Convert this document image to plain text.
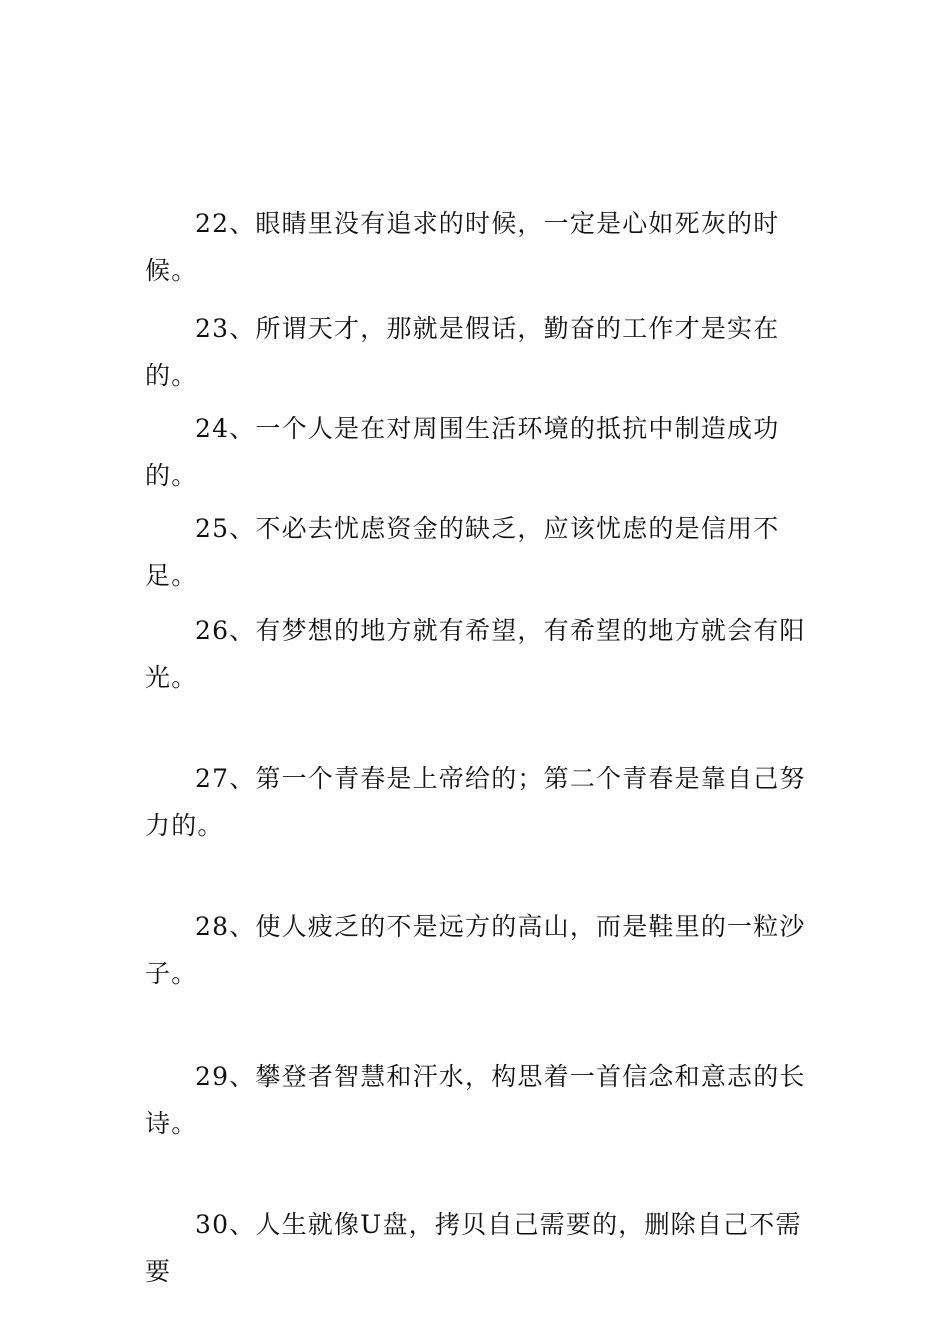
22、眼睛里没有追求的时候，一定是心如死灰的时候。

23、所谓天才，那就是假话，勤奋的工作才是实在的。

24、一个人是在对周围生活环境的抵抗中制造成功的。

25、不必去忧虑资金的缺乏，应该忧虑的是信用不足。

26、有梦想的地方就有希望，有希望的地方就会有阳光。

27、第一个青春是上帝给的；第二个青春是靠自己努力的。

28、使人疲乏的不是远方的高山，而是鞋里的一粒沙子。

29、攀登者智慧和汗水，构思着一首信念和意志的长诗。

30、人生就像U盘，拷贝自己需要的，删除自己不需要
